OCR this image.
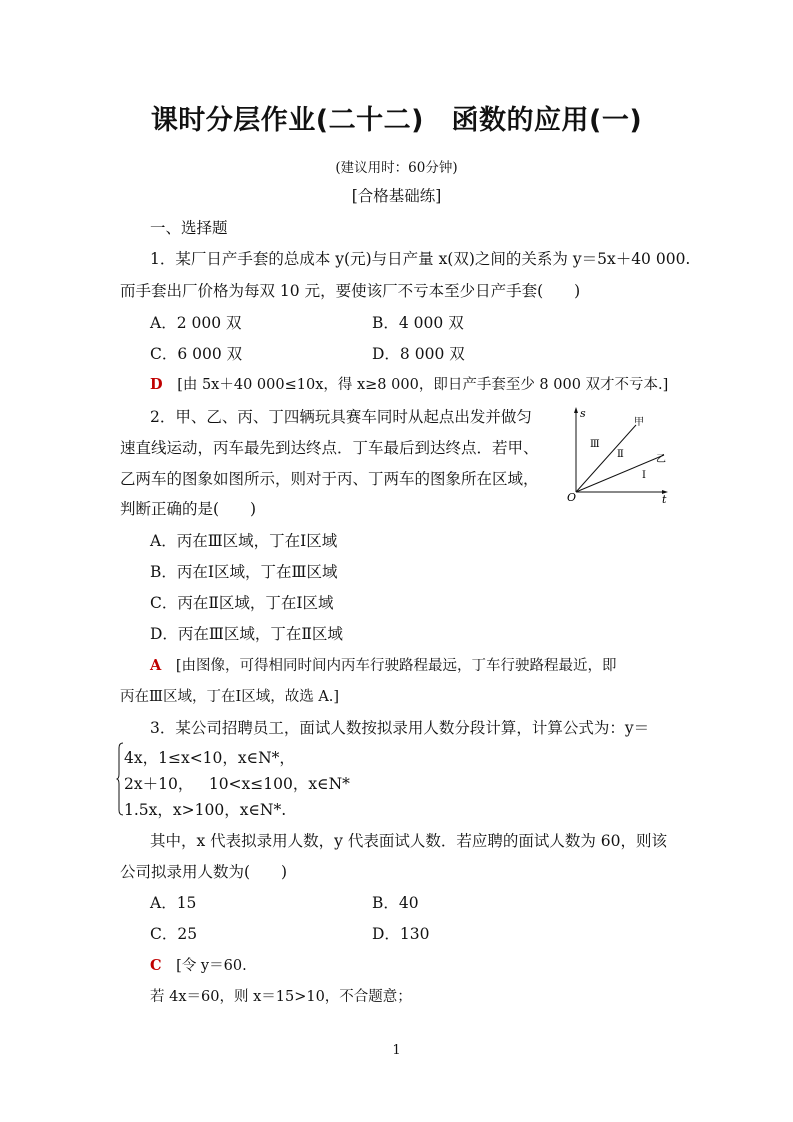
课时分层作业(二十二)　函数的应用(一)
(建议用时：60分钟)
[合格基础练]
一、选择题
1．某厂日产手套的总成本 y(元)与日产量 x(双)之间的关系为 y＝5x＋40 000.
而手套出厂价格为每双 10 元，要使该厂不亏本至少日产手套(　　)
A．2 000 双	B．4 000 双
C．6 000 双	D．8 000 双
D [由 5x＋40 000≤10x，得 x≥8 000，即日产手套至少 8 000 双才不亏本.]
2．甲、乙、丙、丁四辆玩具赛车同时从起点出发并做匀
速直线运动，丙车最先到达终点．丁车最后到达终点．若甲、
乙两车的图象如图所示，则对于丙、丁两车的图象所在区域，
判断正确的是(　　)
s
t
O
甲
乙
Ⅲ
Ⅱ
Ⅰ
A．丙在Ⅲ区域，丁在Ⅰ区域
B．丙在Ⅰ区域，丁在Ⅲ区域
C．丙在Ⅱ区域，丁在Ⅰ区域
D．丙在Ⅲ区域，丁在Ⅱ区域
A [由图像，可得相同时间内丙车行驶路程最远，丁车行驶路程最近，即
丙在Ⅲ区域，丁在Ⅰ区域，故选 A.]
3．某公司招聘员工，面试人数按拟录用人数分段计算，计算公式为：y＝
4x，1≤x<10，x∈N*，
2x＋10， 10<x≤100，x∈N*
1.5x，x>100，x∈N*.
其中，x 代表拟录用人数，y 代表面试人数．若应聘的面试人数为 60，则该
公司拟录用人数为(　　)
A．15	B．40
C．25	D．130
C [令 y＝60.
若 4x＝60，则 x＝15>10，不合题意；
1
